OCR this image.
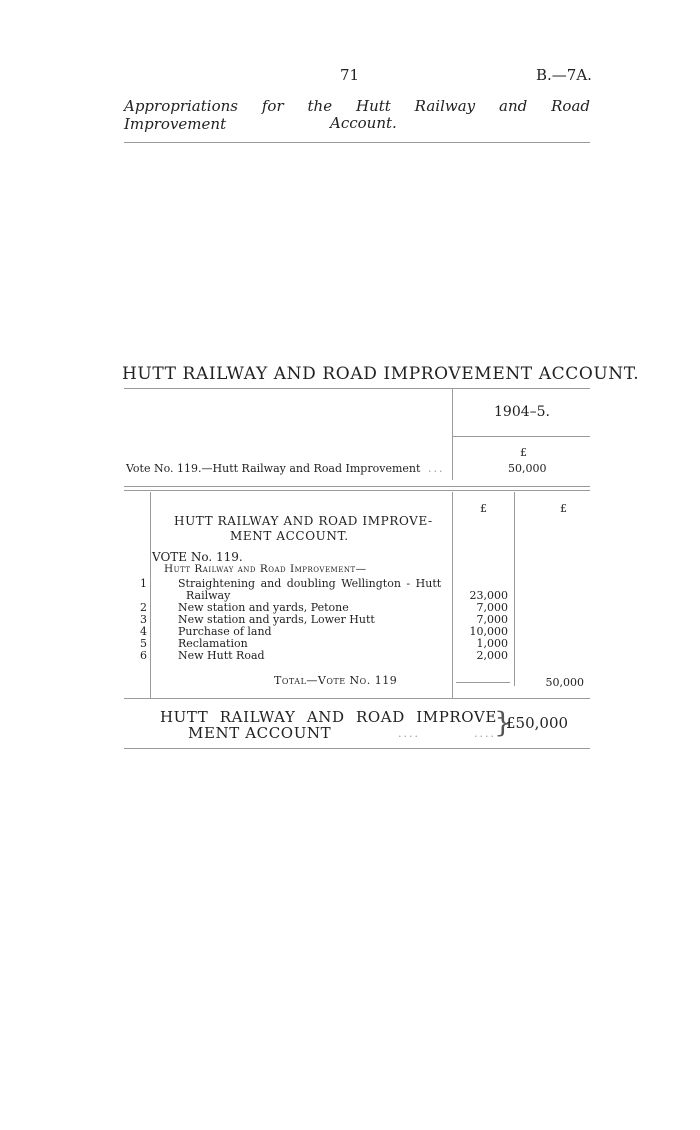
71	B.—7A.
Appropriations for the Hutt Railway and Road Improvement	Account.
HUTT RAILWAY AND ROAD IMPROVEMENT ACCOUNT.
1904–5.
£
Vote No. 119.—Hutt Railway and Road Improvement ...	50,000
£	£
HUTT RAILWAY AND ROAD IMPROVE-
MENT ACCOUNT.
VOTE No. 119.
Hutt Railway and Road Improvement—
1	Straightening and doubling Wellington - Hutt
Railway	23,000
2	New station and yards, Petone	7,000
3	New station and yards, Lower Hutt	7,000
4	Purchase of land	10,000
5	Reclamation	1,000
6	New Hutt Road	2,000
Total—Vote No. 119	50,000
HUTT RAILWAY AND ROAD IMPROVE-
MENT ACCOUNT	....	....
}
£50,000
